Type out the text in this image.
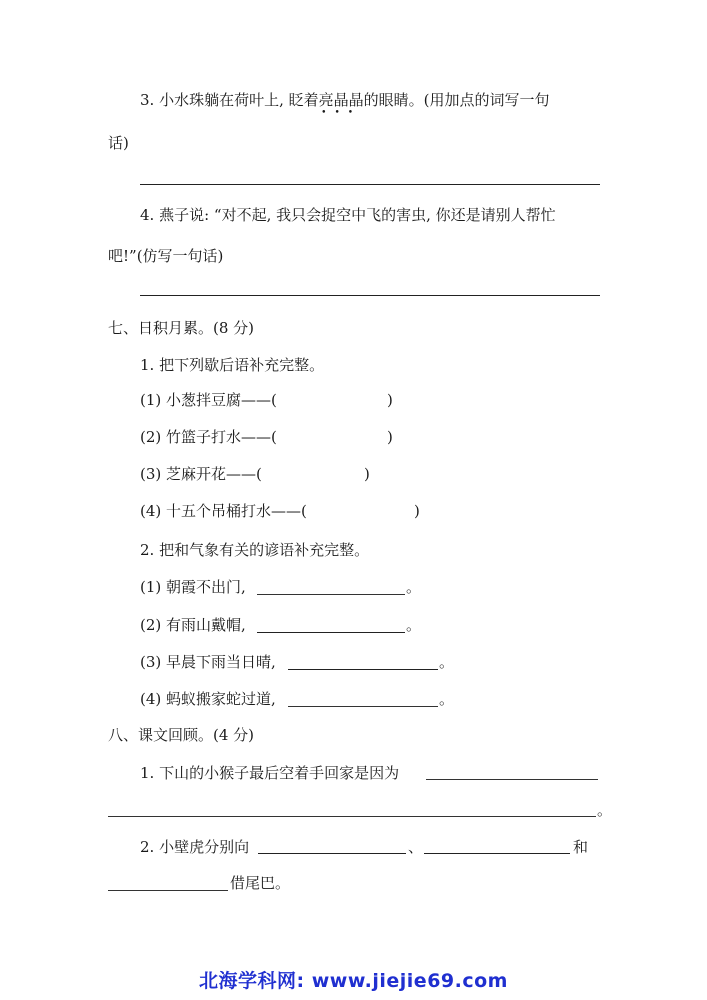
3. 小水珠躺在荷叶上, 眨着亮晶晶
•••
的眼睛。(用加点的词写一句
话)
4. 燕子说: “对不起, 我只会捉空中飞的害虫, 你还是请别人帮忙
吧!”(仿写一句话)
七、日积月累。(8 分)
1. 把下列歇后语补充完整。
(1) 小葱拌豆腐——(	)
(2) 竹篮子打水——(	)
(3) 芝麻开花——(	)
(4) 十五个吊桶打水——(	)
2. 把和气象有关的谚语补充完整。
(1) 朝霞不出门,	。
(2) 有雨山戴帽,	。
(3) 早晨下雨当日晴,	。
(4) 蚂蚁搬家蛇过道,	。
八、课文回顾。(4 分)
1. 下山的小猴子最后空着手回家是因为
。
2. 小壁虎分别向	、	和
借尾巴。
北海学科网: www.jiejie69.com
